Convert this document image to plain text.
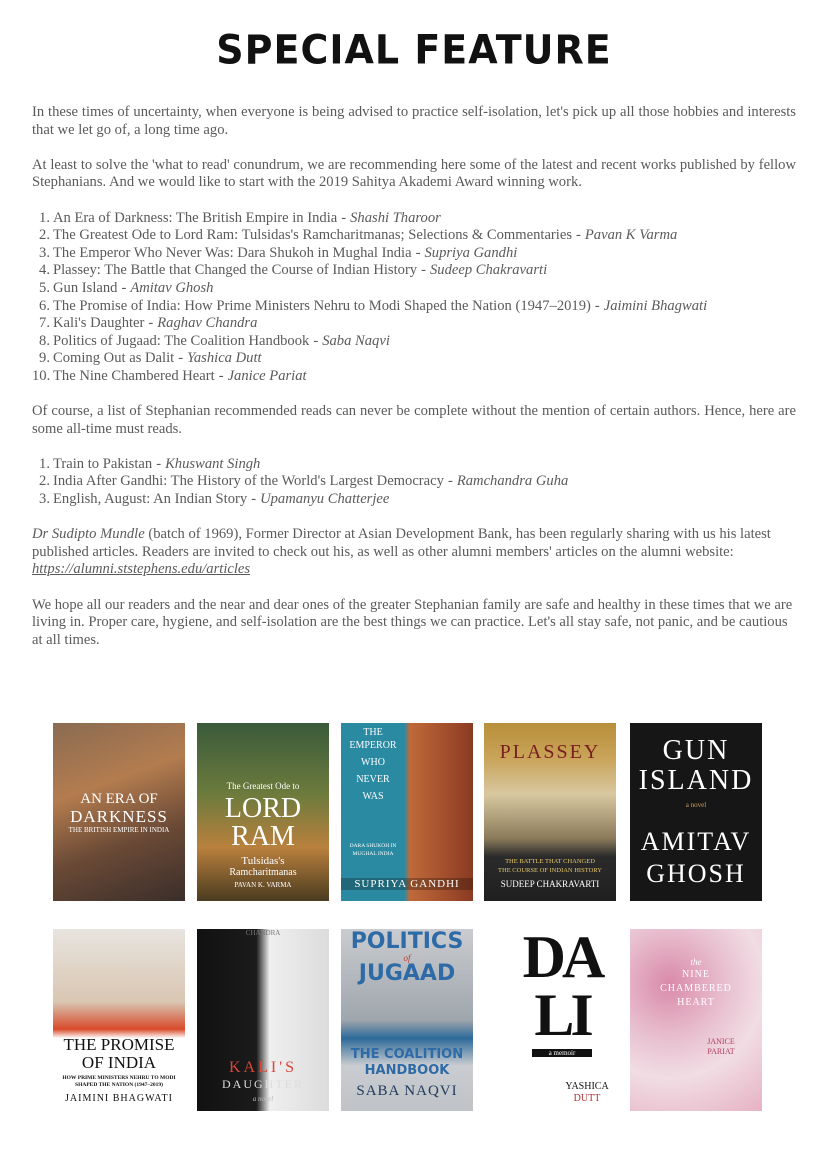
SPECIAL FEATURE

In these times of uncertainty, when everyone is being advised to practice self-isolation, let's pick up all those hobbies and interests that we let go of, a long time ago.

At least to solve the 'what to read' conundrum, we are recommending here some of the latest and recent works published by fellow Stephanians. And we would like to start with the 2019 Sahitya Akademi Award winning work.

1. An Era of Darkness: The British Empire in India - Shashi Tharoor
2. The Greatest Ode to Lord Ram: Tulsidas's Ramcharitmanas; Selections & Commentaries - Pavan K Varma
3. The Emperor Who Never Was: Dara Shukoh in Mughal India - Supriya Gandhi
4. Plassey: The Battle that Changed the Course of Indian History - Sudeep Chakravarti
5. Gun Island - Amitav Ghosh
6. The Promise of India: How Prime Ministers Nehru to Modi Shaped the Nation (1947–2019) - Jaimini Bhagwati
7. Kali's Daughter - Raghav Chandra
8. Politics of Jugaad: The Coalition Handbook - Saba Naqvi
9. Coming Out as Dalit - Yashica Dutt
10. The Nine Chambered Heart - Janice Pariat

Of course, a list of Stephanian recommended reads can never be complete without the mention of certain authors. Hence, here are some all-time must reads.

1. Train to Pakistan - Khuswant Singh
2. India After Gandhi: The History of the World's Largest Democracy - Ramchandra Guha
3. English, August: An Indian Story - Upamanyu Chatterjee

Dr Sudipto Mundle (batch of 1969), Former Director at Asian Development Bank, has been regularly sharing with us his latest published articles. Readers are invited to check out his, as well as other alumni members' articles on the alumni website: https://alumni.ststephens.edu/articles

We hope all our readers and the near and dear ones of the greater Stephanian family are safe and healthy in these times that we are living in. Proper care, hygiene, and self-isolation are the best things we can practice. Let's all stay safe, not panic, and be cautious at all times.

AN ERA OF
DARKNESS
THE BRITISH EMPIRE IN INDIA
The Greatest Ode to
LORD
RAM
Tulsidas's
Ramcharitmanas
PAVAN K. VARMA
THE
EMPEROR
WHO
NEVER
WAS
DARA SHUKOH IN
MUGHAL INDIA
SUPRIYA GANDHI
PLASSEY
THE BATTLE THAT CHANGED
THE COURSE OF INDIAN HISTORY
SUDEEP CHAKRAVARTI
GUN
ISLAND
a novel
AMITAV
GHOSH
THE PROMISE
OF INDIA
HOW PRIME MINISTERS NEHRU TO MODI
SHAPED THE NATION (1947–2019)
JAIMINI BHAGWATI
CHANDRA
KALI'S
DAUGHTER
a novel
POLITICS
of
JUGAAD
THE COALITION
HANDBOOK
SABA NAQVI
DA
LI
a memoir
YASHICA
DUTT
the
NINE
CHAMBERED
HEART
JANICE
PARIAT
